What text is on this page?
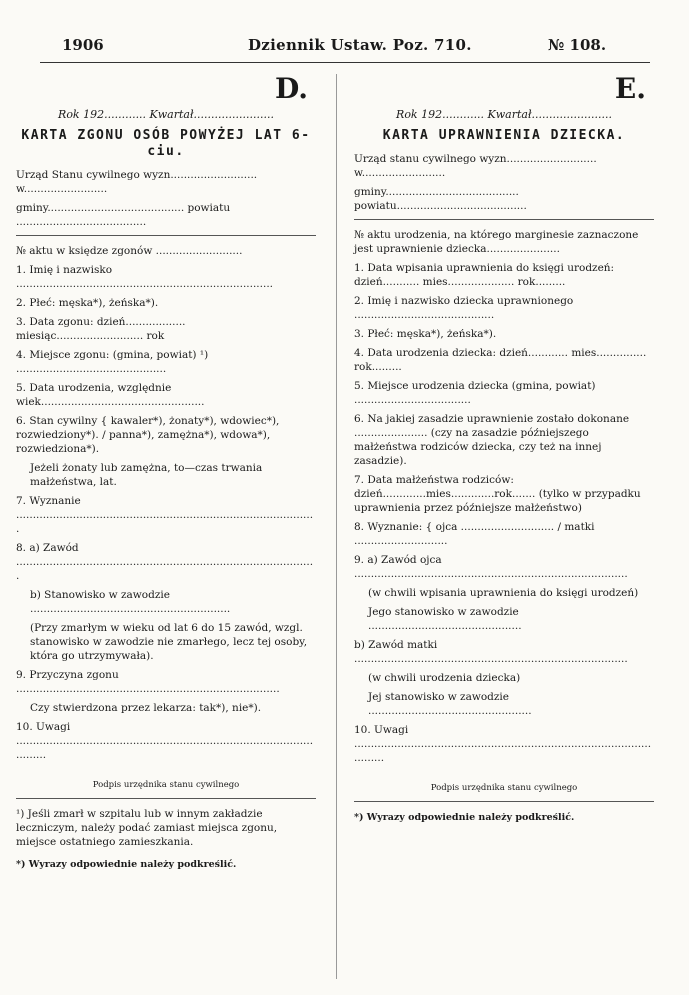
1906	Dziennik Ustaw. Poz. 710.	№ 108.
D.
Rok 192............ Kwartał.......................
KARTA ZGONU OSÓB POWYŻEJ LAT 6-ciu.
Urząd Stanu cywilnego wyzn.......................... w.........................
gminy......................................... powiatu .......................................
№ aktu w księdze zgonów ..........................
1. Imię i nazwisko .............................................................................
2. Płeć: męska*), żeńska*).
3. Data zgonu: dzień.................. miesiąc.......................... rok
4. Miejsce zgonu: (gmina, powiat) ¹) .............................................
5. Data urodzenia, względnie wiek.................................................
6. Stan cywilny { kawaler*), żonaty*), wdowiec*), rozwiedziony*). / panna*), zamężna*), wdowa*), rozwiedziona*).
Jeżeli żonaty lub zamężna, to—czas trwania małżeństwa, lat.
7. Wyznanie ..........................................................................................
8. a) Zawód ..........................................................................................
b) Stanowisko w zawodzie ............................................................
(Przy zmarłym w wieku od lat 6 do 15 zawód, wzgl. stanowisko w zawodzie nie zmarłego, lecz tej osoby, która go utrzymywała).
9. Przyczyna zgonu ...............................................................................
Czy stwierdzona przez lekarza: tak*), nie*).
10. Uwagi ..................................................................................................
Podpis urzędnika stanu cywilnego
¹) Jeśli zmarł w szpitalu lub w innym zakładzie leczniczym, należy podać zamiast miejsca zgonu, miejsce ostatniego zamieszkania.
*) Wyrazy odpowiednie należy podkreślić.
E.
Rok 192............ Kwartał.......................
KARTA UPRAWNIENIA DZIECKA.
Urząd stanu cywilnego wyzn........................... w.........................
gminy........................................ powiatu.......................................
№ aktu urodzenia, na którego marginesie zaznaczone jest uprawnienie dziecka......................
1. Data wpisania uprawnienia do księgi urodzeń: dzień........... mies.................... rok.........
2. Imię i nazwisko dziecka uprawnionego ..........................................
3. Płeć: męska*), żeńska*).
4. Data urodzenia dziecka: dzień............ mies............... rok.........
5. Miejsce urodzenia dziecka (gmina, powiat) ...................................
6. Na jakiej zasadzie uprawnienie zostało dokonane ...................... (czy na zasadzie późniejszego małżeństwa rodziców dziecka, czy też na innej zasadzie).
7. Data małżeństwa rodziców: dzień.............mies.............rok....... (tylko w przypadku uprawnienia przez późniejsze małżeństwo)
8. Wyznanie: { ojca ............................ / matki ............................
9. a) Zawód ojca ..................................................................................
(w chwili wpisania uprawnienia do księgi urodzeń)
Jego stanowisko w zawodzie ..............................................
b) Zawód matki ..................................................................................
(w chwili urodzenia dziecka)
Jej stanowisko w zawodzie .................................................
10. Uwagi ..................................................................................................
Podpis urzędnika stanu cywilnego
*) Wyrazy odpowiednie należy podkreślić.
